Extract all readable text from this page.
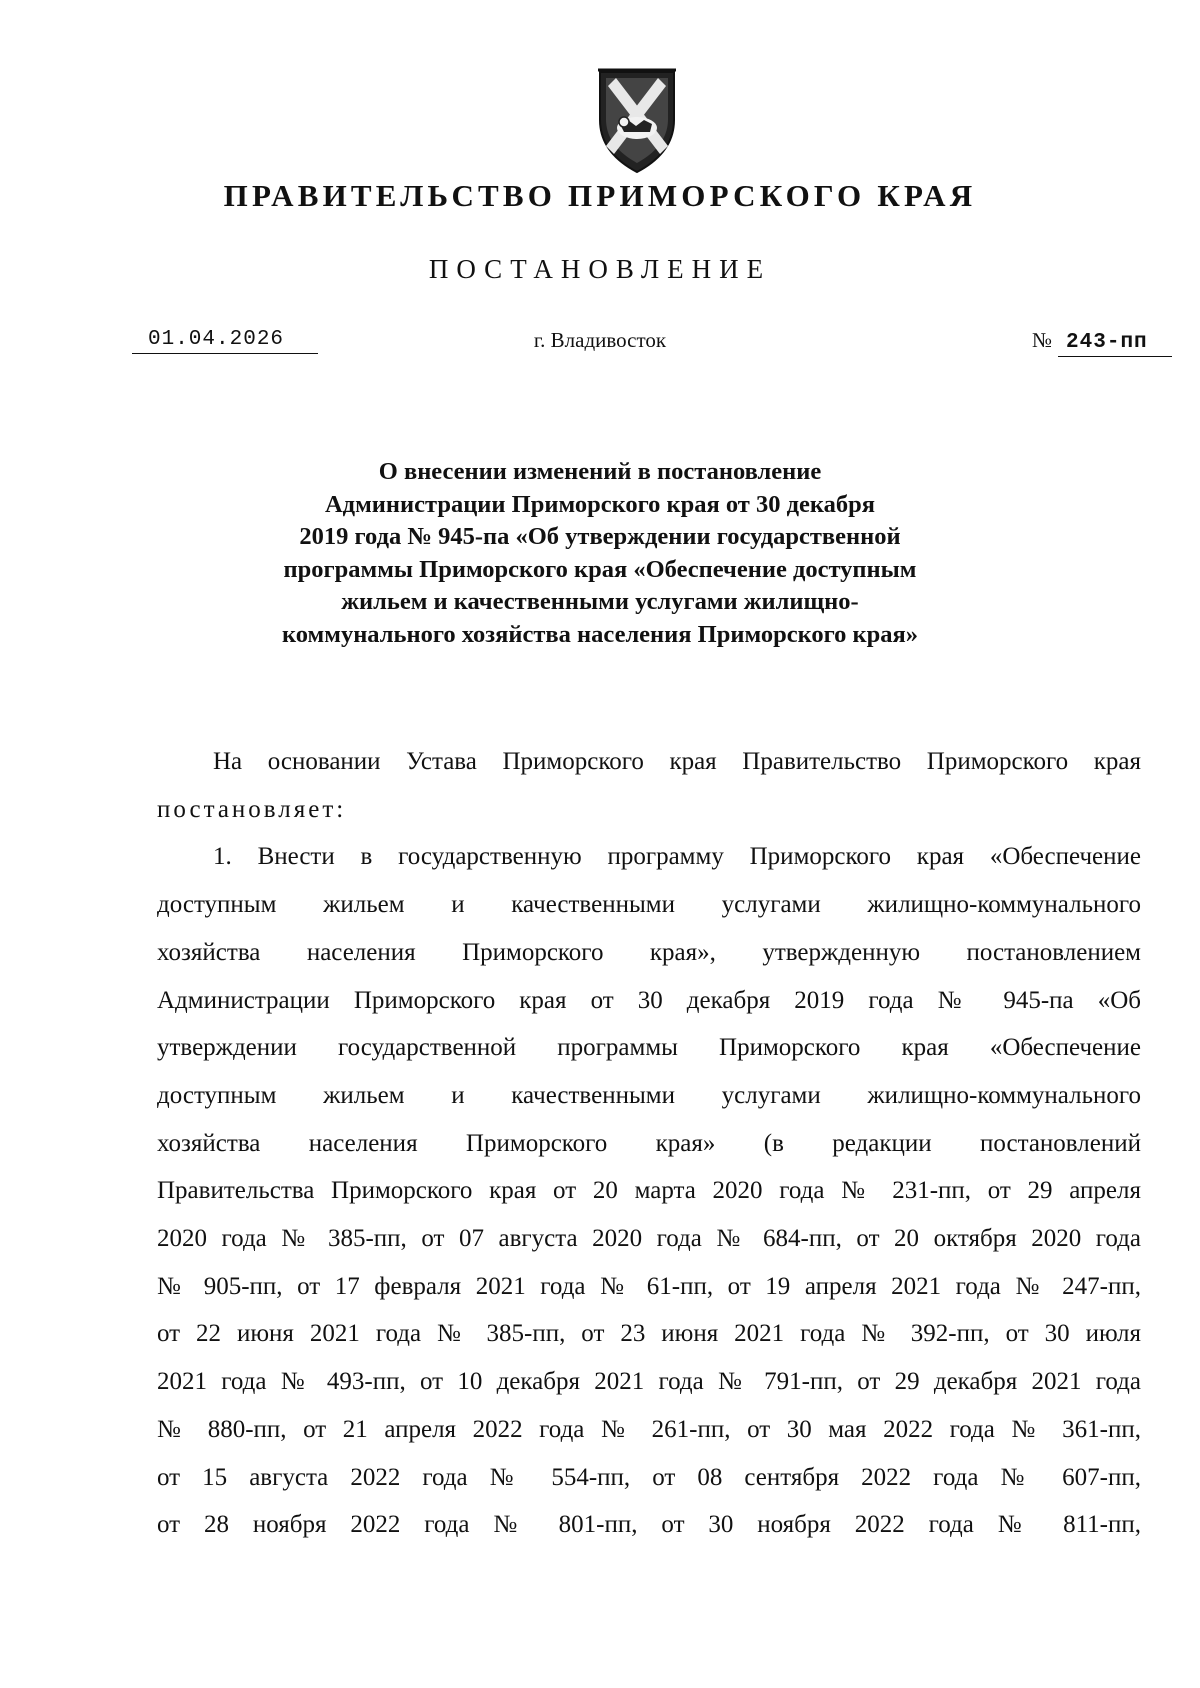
ПРАВИТЕЛЬСТВО ПРИМОРСКОГО КРАЯ
ПОСТАНОВЛЕНИЕ
01.04.2026	г. Владивосток	№ 243-пп
О внесении изменений в постановление
Администрации Приморского края от 30 декабря
2019 года № 945-па «Об утверждении государственной
программы Приморского края «Обеспечение доступным
жильем и качественными услугами жилищно-
коммунального хозяйства населения Приморского края»
На основании Устава Приморского края Правительство Приморского края
постановляет:
1. Внести в государственную программу Приморского края «Обеспечение
доступным жильем и качественными услугами жилищно-коммунального
хозяйства населения Приморского края», утвержденную постановлением
Администрации Приморского края от 30 декабря 2019 года № 945-па «Об
утверждении государственной программы Приморского края «Обеспечение
доступным жильем и качественными услугами жилищно-коммунального
хозяйства населения Приморского края» (в редакции постановлений
Правительства Приморского края от 20 марта 2020 года № 231-пп, от 29 апреля
2020 года № 385-пп, от 07 августа 2020 года № 684-пп, от 20 октября 2020 года
№ 905-пп, от 17 февраля 2021 года № 61-пп, от 19 апреля 2021 года № 247-пп,
от 22 июня 2021 года № 385-пп, от 23 июня 2021 года № 392-пп, от 30 июля
2021 года № 493-пп, от 10 декабря 2021 года № 791-пп, от 29 декабря 2021 года
№ 880-пп, от 21 апреля 2022 года № 261-пп, от 30 мая 2022 года № 361-пп,
от 15 августа 2022 года № 554-пп, от 08 сентября 2022 года № 607-пп,
от 28 ноября 2022 года № 801-пп, от 30 ноября 2022 года № 811-пп,
